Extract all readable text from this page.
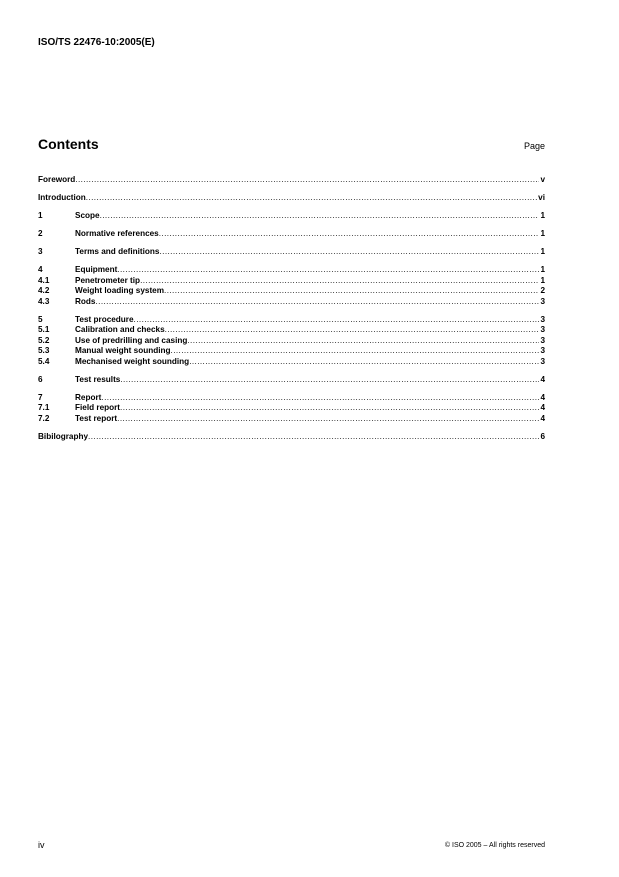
ISO/TS 22476-10:2005(E)
Contents	Page
Foreword .....	v
Introduction .....	vi
1	Scope .....	1
2	Normative references .....	1
3	Terms and definitions .....	1
4	Equipment .....	1
4.1	Penetrometer tip .....	1
4.2	Weight loading system .....	2
4.3	Rods .....	3
5	Test procedure .....	3
5.1	Calibration and checks .....	3
5.2	Use of predrilling and casing .....	3
5.3	Manual weight sounding .....	3
5.4	Mechanised weight sounding .....	3
6	Test results .....	4
7	Report .....	4
7.1	Field report .....	4
7.2	Test report .....	4
Bibilography .....	6
iv	© ISO 2005 – All rights reserved
